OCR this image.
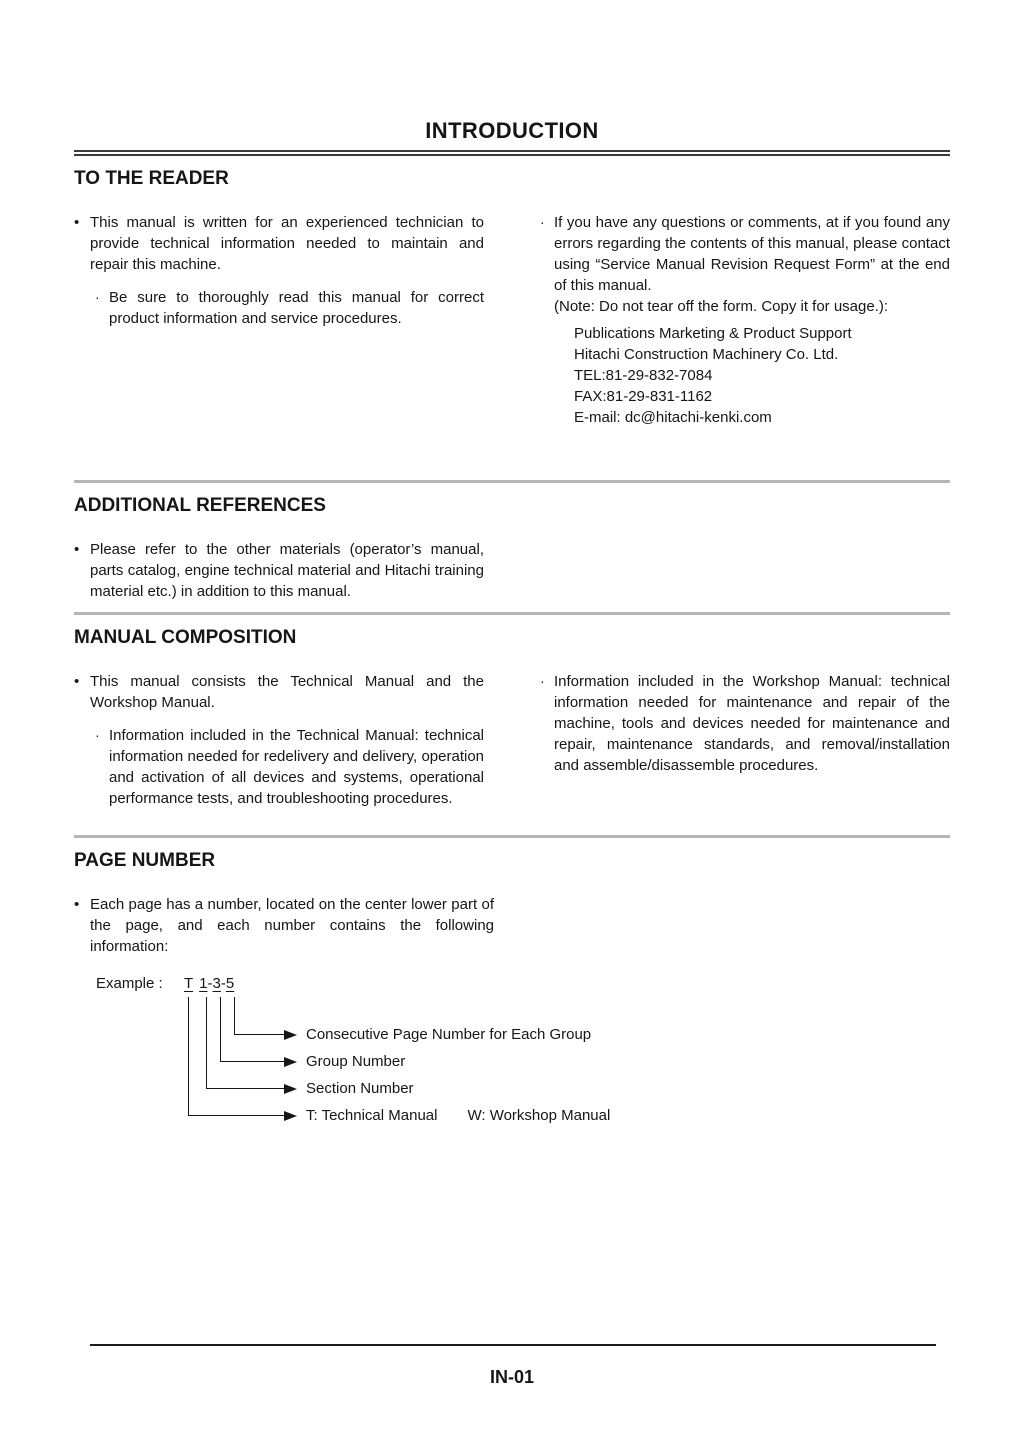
INTRODUCTION
TO THE READER
• This manual is written for an experienced technician to provide technical information needed to maintain and repair this machine.

· Be sure to thoroughly read this manual for correct product information and service procedures.

· If you have any questions or comments, at if you found any errors regarding the contents of this manual, please contact using “Service Manual Revision Request Form” at the end of this manual.

(Note: Do not tear off the form. Copy it for usage.):

Publications Marketing & Product Support

Hitachi Construction Machinery Co. Ltd.

TEL:81-29-832-7084

FAX:81-29-831-1162

E-mail: dc@hitachi-kenki.com

ADDITIONAL REFERENCES
• Please refer to the other materials (operator’s manual, parts catalog, engine technical material and Hitachi training material etc.) in addition to this manual.

MANUAL COMPOSITION
• This manual consists the Technical Manual and the Workshop Manual.

· Information included in the Technical Manual: technical information needed for redelivery and delivery, operation and activation of all devices and systems, operational performance tests, and troubleshooting procedures.

· Information included in the Workshop Manual: technical information needed for maintenance and repair of the machine, tools and devices needed for maintenance and repair, maintenance standards, and removal/installation and assemble/disassemble procedures.

PAGE NUMBER
• Each page has a number, located on the center lower part of the page, and each number contains the following information:

Example : T 1-3-5
Consecutive Page Number for Each Group
Group Number
Section Number
T: Technical Manual W: Workshop Manual
IN-01
